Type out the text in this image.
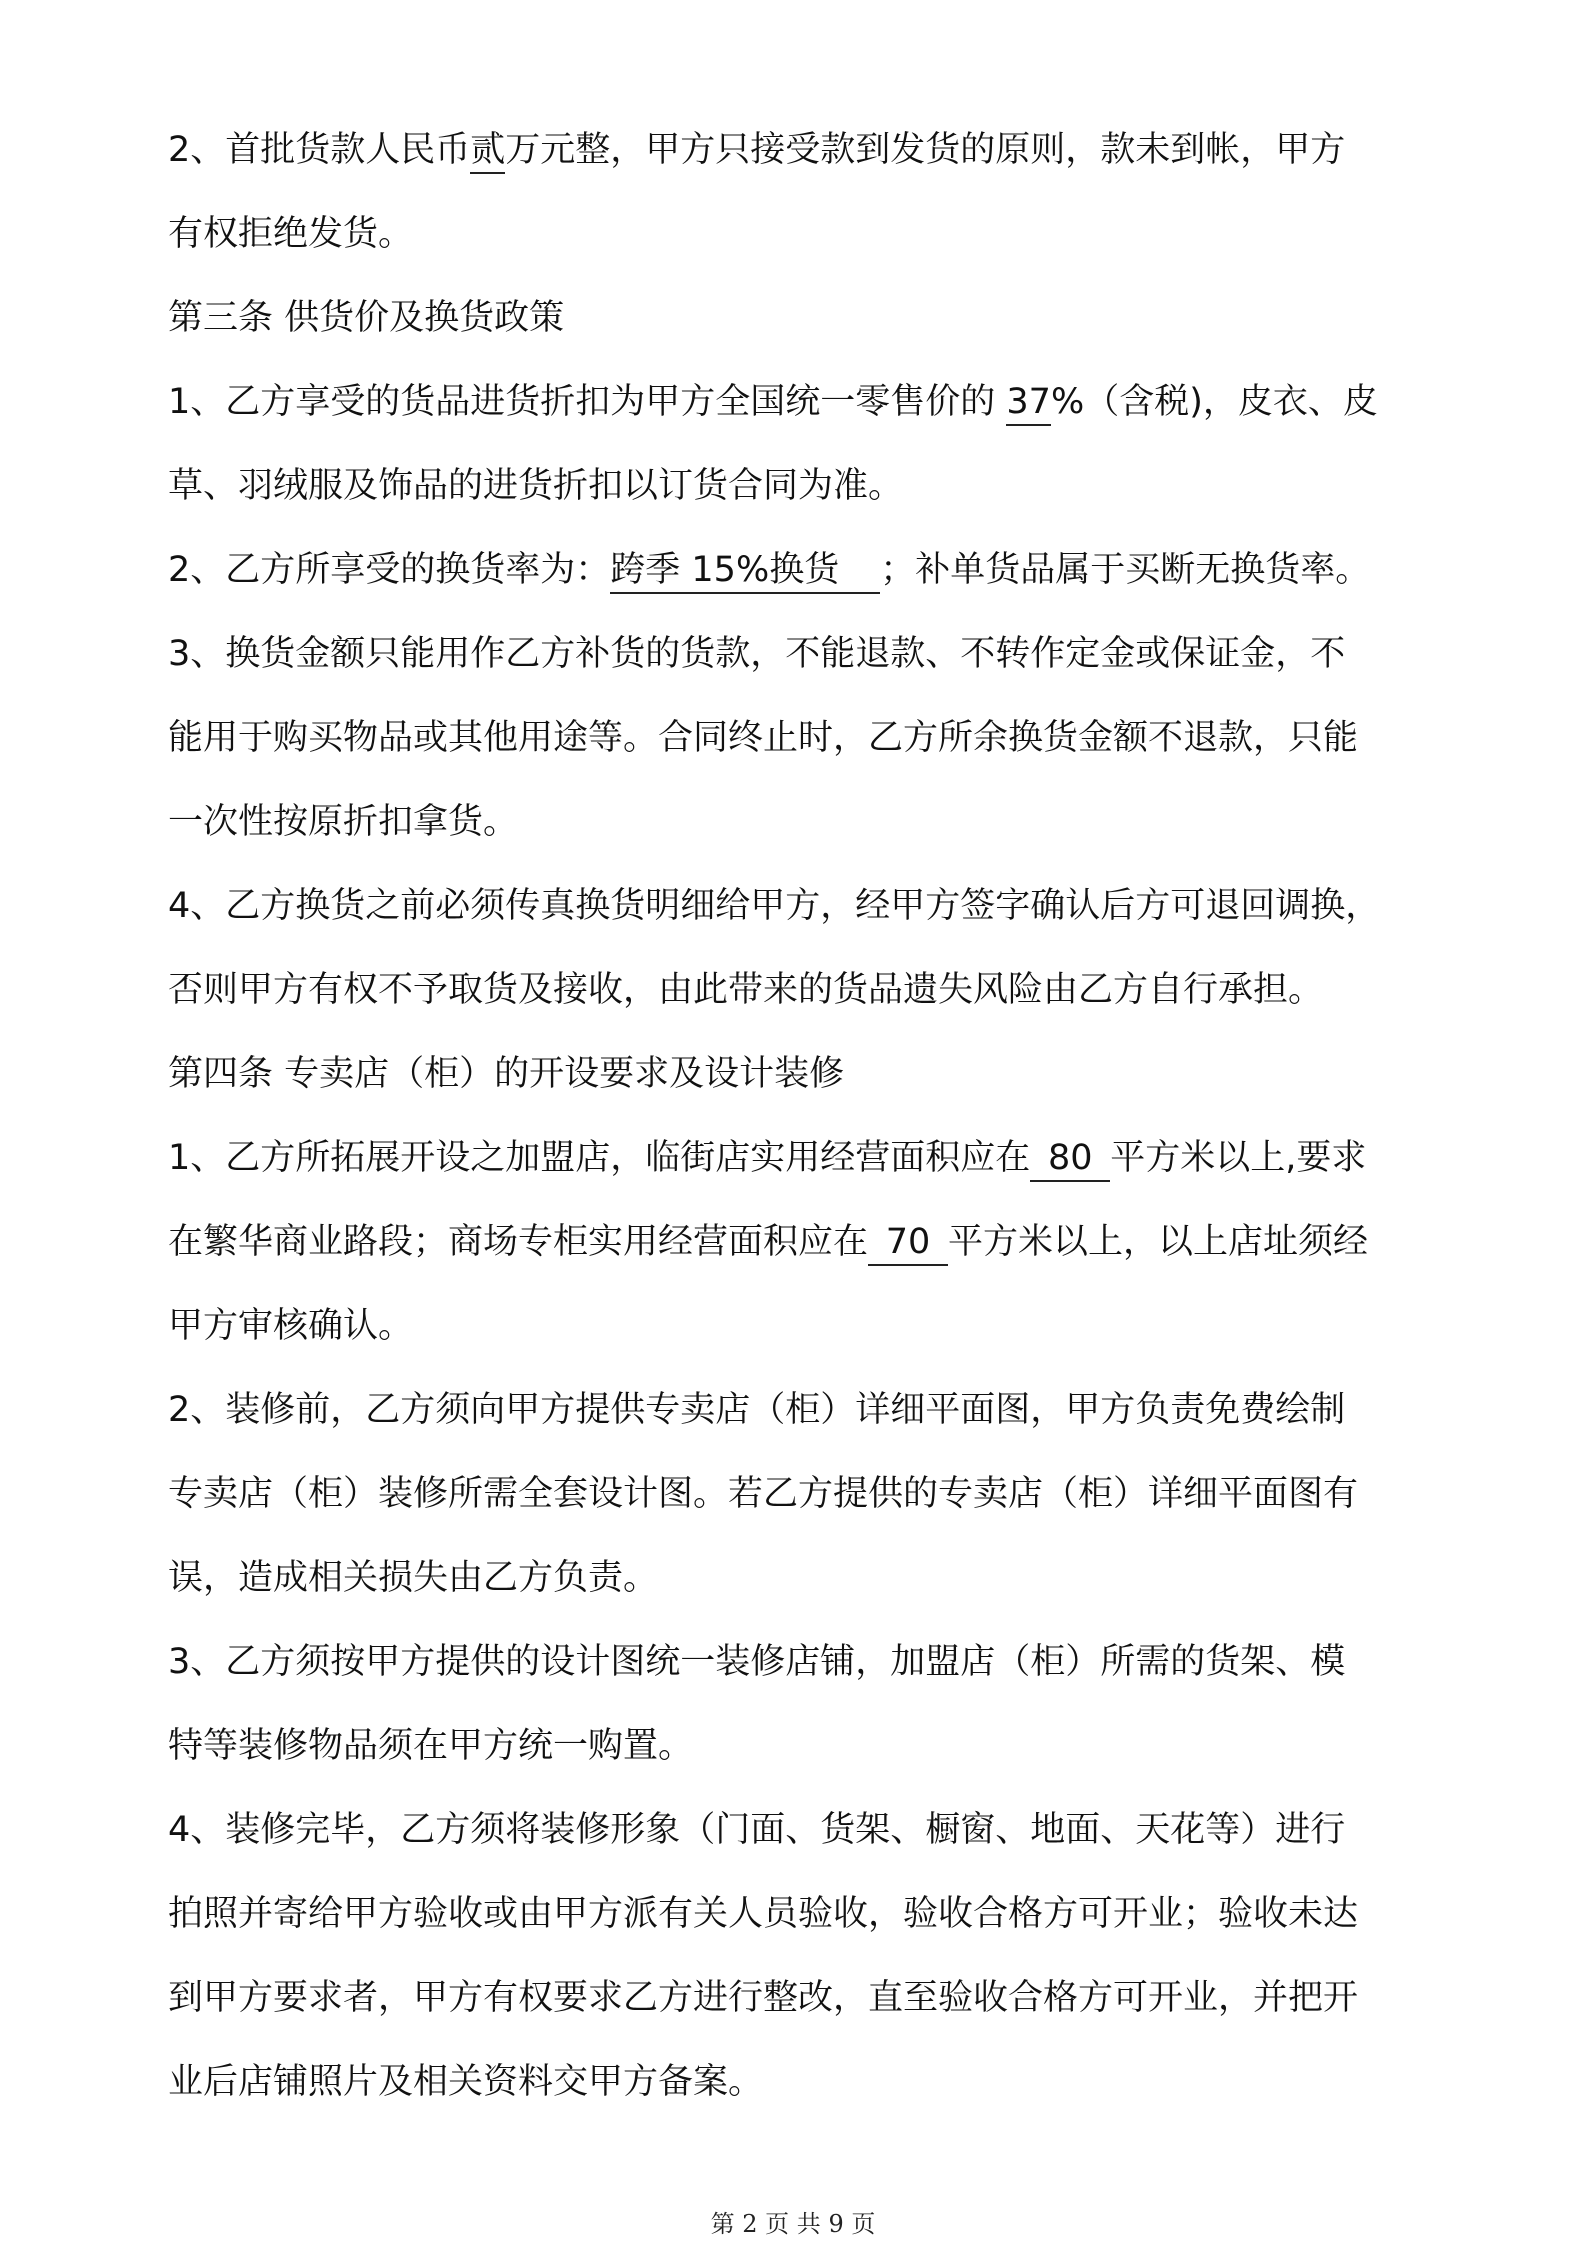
2、首批货款人民币贰万元整，甲方只接受款到发货的原则，款未到帐，甲方

有权拒绝发货。

第三条 供货价及换货政策

1、乙方享受的货品进货折扣为甲方全国统一零售价的 37%（含税)，皮衣、皮

草、羽绒服及饰品的进货折扣以订货合同为准。

2、乙方所享受的换货率为：跨季 15%换货 ；补单货品属于买断无换货率。

3、换货金额只能用作乙方补货的货款，不能退款、不转作定金或保证金，不

能用于购买物品或其他用途等。合同终止时，乙方所余换货金额不退款，只能

一次性按原折扣拿货。

4、乙方换货之前必须传真换货明细给甲方，经甲方签字确认后方可退回调换，

否则甲方有权不予取货及接收，由此带来的货品遗失风险由乙方自行承担。

第四条 专卖店（柜）的开设要求及设计装修

1、乙方所拓展开设之加盟店，临街店实用经营面积应在 80 平方米以上,要求

在繁华商业路段；商场专柜实用经营面积应在 70 平方米以上，以上店址须经

甲方审核确认。

2、装修前，乙方须向甲方提供专卖店（柜）详细平面图，甲方负责免费绘制

专卖店（柜）装修所需全套设计图。若乙方提供的专卖店（柜）详细平面图有

误，造成相关损失由乙方负责。

3、乙方须按甲方提供的设计图统一装修店铺，加盟店（柜）所需的货架、模

特等装修物品须在甲方统一购置。

4、装修完毕，乙方须将装修形象（门面、货架、橱窗、地面、天花等）进行

拍照并寄给甲方验收或由甲方派有关人员验收，验收合格方可开业；验收未达

到甲方要求者，甲方有权要求乙方进行整改，直至验收合格方可开业，并把开

业后店铺照片及相关资料交甲方备案。

第 2 页 共 9 页
